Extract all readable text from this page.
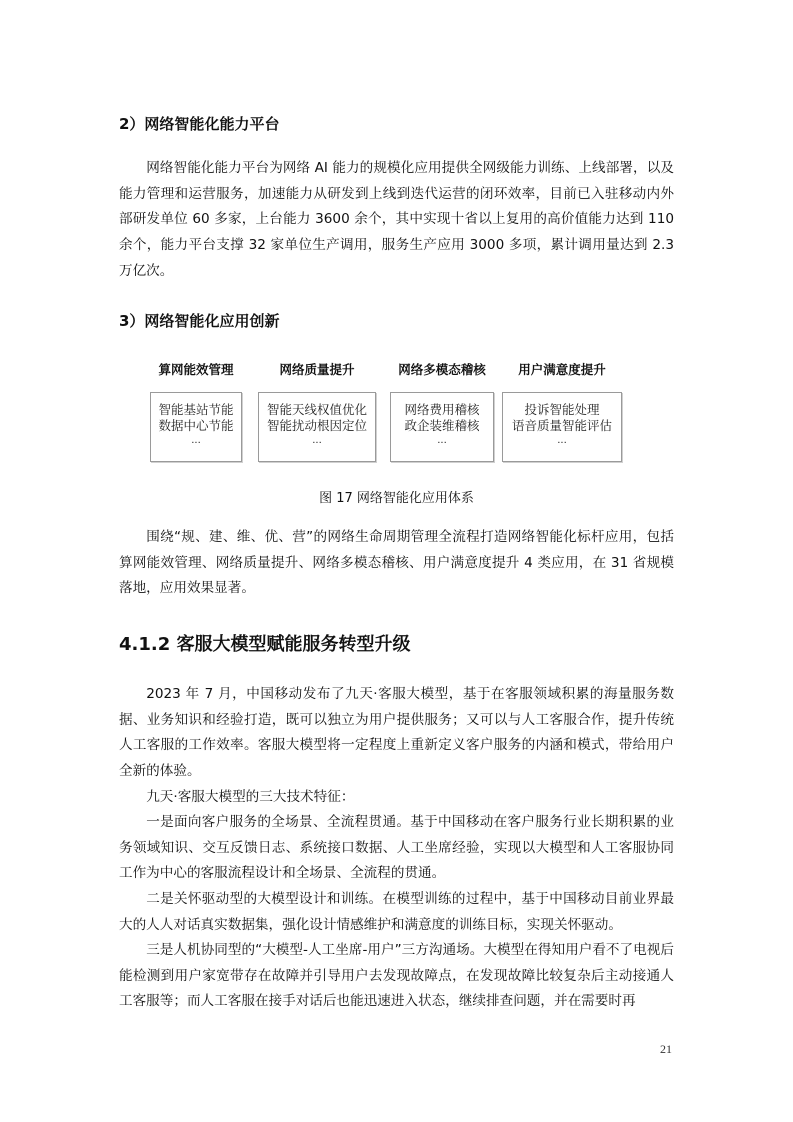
2）网络智能化能力平台

网络智能化能力平台为网络 AI 能力的规模化应用提供全网级能力训练、上线部署，以及能力管理和运营服务，加速能力从研发到上线到迭代运营的闭环效率，目前已入驻移动内外部研发单位 60 多家，上台能力 3600 余个，其中实现十省以上复用的高价值能力达到 110 余个，能力平台支撑 32 家单位生产调用，服务生产应用 3000 多项，累计调用量达到 2.3 万亿次。

3）网络智能化应用创新
算网能效管理
智能基站节能
数据中心节能
...
网络质量提升
智能天线权值优化
智能扰动根因定位
...
网络多模态稽核
网络费用稽核
政企装维稽核
...
用户满意度提升
投诉智能处理
语音质量智能评估
...
图 17 网络智能化应用体系

围绕“规、建、维、优、营”的网络生命周期管理全流程打造网络智能化标杆应用，包括算网能效管理、网络质量提升、网络多模态稽核、用户满意度提升 4 类应用，在 31 省规模落地，应用效果显著。

4.1.2 客服大模型赋能服务转型升级

2023 年 7 月，中国移动发布了九天·客服大模型，基于在客服领域积累的海量服务数据、业务知识和经验打造，既可以独立为用户提供服务；又可以与人工客服合作，提升传统人工客服的工作效率。客服大模型将一定程度上重新定义客户服务的内涵和模式，带给用户全新的体验。

九天·客服大模型的三大技术特征：

一是面向客户服务的全场景、全流程贯通。基于中国移动在客户服务行业长期积累的业务领域知识、交互反馈日志、系统接口数据、人工坐席经验，实现以大模型和人工客服协同工作为中心的客服流程设计和全场景、全流程的贯通。

二是关怀驱动型的大模型设计和训练。在模型训练的过程中，基于中国移动目前业界最大的人人对话真实数据集，强化设计情感维护和满意度的训练目标，实现关怀驱动。

三是人机协同型的“大模型-人工坐席-用户”三方沟通场。大模型在得知用户看不了电视后能检测到用户家宽带存在故障并引导用户去发现故障点，在发现故障比较复杂后主动接通人工客服等；而人工客服在接手对话后也能迅速进入状态，继续排查问题，并在需要时再

21
